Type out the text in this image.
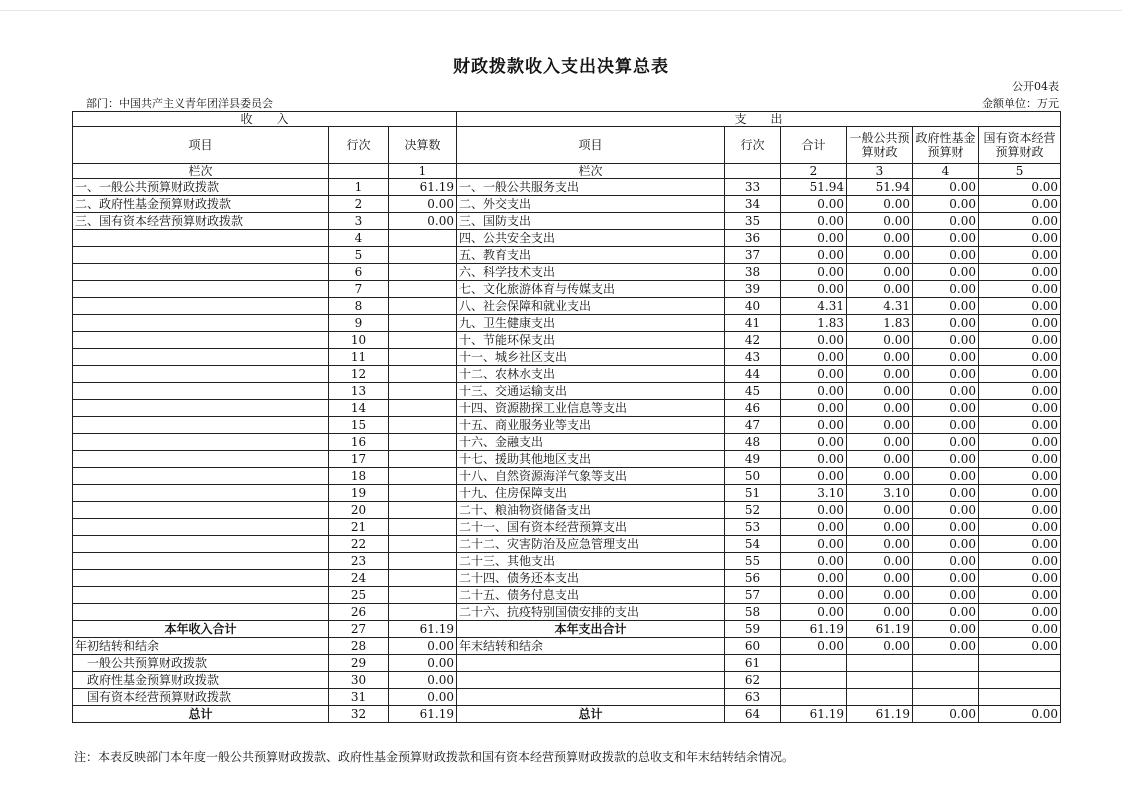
财政拨款收入支出决算总表
公开04表
部门：中国共产主义青年团洋县委员会	金额单位：万元
收　　入			支　　出					
项目	行次	决算数	项目	行次	合计	一般公共预算财政	政府性基金预算财	国有资本经营预算财政
栏次		1	栏次		2	3	4	5
一、一般公共预算财政拨款	1	61.19	一、一般公共服务支出	33	51.94	51.94	0.00	0.00
二、政府性基金预算财政拨款	2	0.00	二、外交支出	34	0.00	0.00	0.00	0.00
三、国有资本经营预算财政拨款	3	0.00	三、国防支出	35	0.00	0.00	0.00	0.00
	4		四、公共安全支出	36	0.00	0.00	0.00	0.00
	5		五、教育支出	37	0.00	0.00	0.00	0.00
	6		六、科学技术支出	38	0.00	0.00	0.00	0.00
	7		七、文化旅游体育与传媒支出	39	0.00	0.00	0.00	0.00
	8		八、社会保障和就业支出	40	4.31	4.31	0.00	0.00
	9		九、卫生健康支出	41	1.83	1.83	0.00	0.00
	10		十、节能环保支出	42	0.00	0.00	0.00	0.00
	11		十一、城乡社区支出	43	0.00	0.00	0.00	0.00
	12		十二、农林水支出	44	0.00	0.00	0.00	0.00
	13		十三、交通运输支出	45	0.00	0.00	0.00	0.00
	14		十四、资源勘探工业信息等支出	46	0.00	0.00	0.00	0.00
	15		十五、商业服务业等支出	47	0.00	0.00	0.00	0.00
	16		十六、金融支出	48	0.00	0.00	0.00	0.00
	17		十七、援助其他地区支出	49	0.00	0.00	0.00	0.00
	18		十八、自然资源海洋气象等支出	50	0.00	0.00	0.00	0.00
	19		十九、住房保障支出	51	3.10	3.10	0.00	0.00
	20		二十、粮油物资储备支出	52	0.00	0.00	0.00	0.00
	21		二十一、国有资本经营预算支出	53	0.00	0.00	0.00	0.00
	22		二十二、灾害防治及应急管理支出	54	0.00	0.00	0.00	0.00
	23		二十三、其他支出	55	0.00	0.00	0.00	0.00
	24		二十四、债务还本支出	56	0.00	0.00	0.00	0.00
	25		二十五、债务付息支出	57	0.00	0.00	0.00	0.00
	26		二十六、抗疫特别国债安排的支出	58	0.00	0.00	0.00	0.00
本年收入合计	27	61.19	本年支出合计	59	61.19	61.19	0.00	0.00
年初结转和结余	28	0.00	年末结转和结余	60	0.00	0.00	0.00	0.00
一般公共预算财政拨款	29	0.00		61				
政府性基金预算财政拨款	30	0.00		62				
国有资本经营预算财政拨款	31	0.00		63				
总计	32	61.19	总计	64	61.19	61.19	0.00	0.00
注：本表反映部门本年度一般公共预算财政拨款、政府性基金预算财政拨款和国有资本经营预算财政拨款的总收支和年末结转结余情况。
